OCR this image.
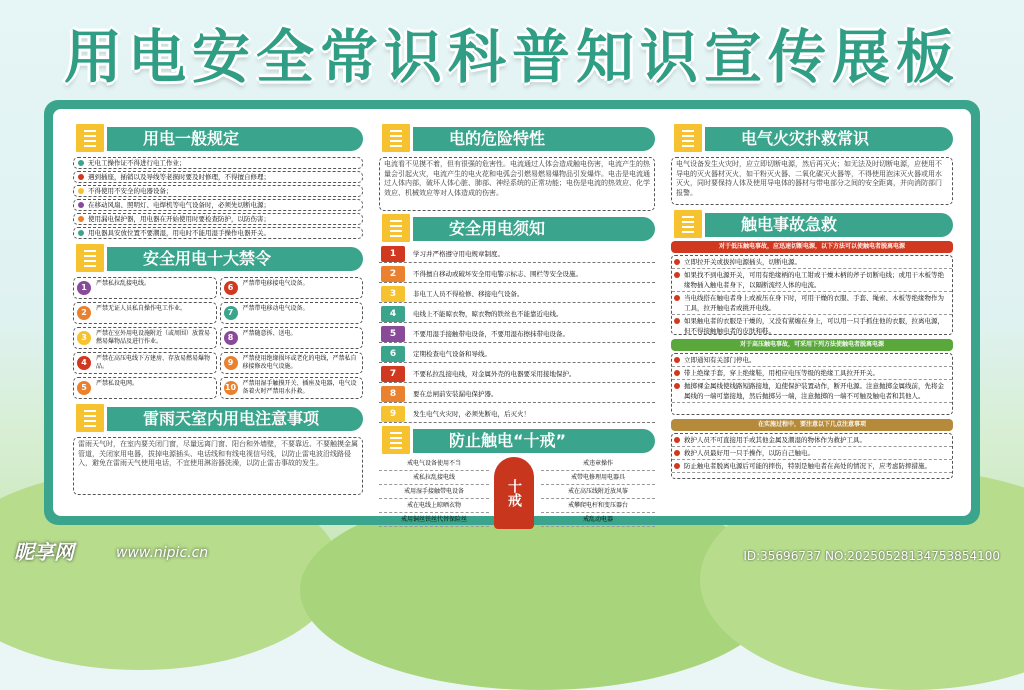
用电安全常识科普知识宣传展板
用电一般规定
无电工操作证不得进行电工作业；
遇到插座，插销以及导线等老损时要及时修理，不得擅自修理；
不得使用不安全的电器设备；
在移动风扇、照明灯、电焊机等电气设备时，必须先切断电源；
使用漏电保护器，用电器在开始使用时要检查防护，以防伤害；
用电器具安放位置不要潮湿，用电时不能用湿手操作电器开关。
安全用电十大禁令
1	严禁私拉乱接电线。	6	严禁带电移接电气设备。
2	严禁无证人员私自操作电工作业。	7	严禁带电移动电气设备。
3	严禁在室外用电设施附近（或周围）放置易燃易爆物品及进行作业。	8	严禁随意拆、送电。
4	严禁在高压电线下方建房、存放易燃易爆物品。	9	严禁使用绝缘损坏或老化的电线，严禁私自移接修改电气设施。
5	严禁私设电网。	10 严禁用湿手触摸开关、插座及电器，电气设备着火时严禁用水扑救。
雷雨天室内用电注意事项
雷雨天气时，在室内要关闭门窗，尽量远离门窗、阳台和外墙壁，不要靠近、不要触摸金属管道，关闭家用电器，拔掉电源插头、电话线和有线电视信号线，以防止雷电波沿线路侵入，避免在雷雨天气使用电话，不宜使用淋浴器洗澡，以防止雷击事故的发生。
电的危险特性
电流看不见摸不着，但有很强的危害性。电流通过人体会造成触电伤害，电流产生的热量会引起火灾，电流产生的电火花和电弧会引燃易燃易爆物品引发爆炸。电击是电流通过人体内部，破坏人体心脏、肺部、神经系统的正常功能；电伤是电流的热效应、化学效应、机械效应等对人体造成的伤害。
安全用电须知
1	学习并严格遵守用电规章制度。
2	不得擅自移动或破坏安全用电警示标志、围栏等安全设施。
3	非电工人员不得检修、移接电气设备。
4	电线上不能晾衣物，晾衣物的铁丝也不能靠近电线。
5	不要用湿手接触带电设备，不要用湿布擦抹带电设备。
6	定期检查电气设备和导线。
7	不要私拉乱接电线，对金属外壳的电器要采用接地保护。
8	要在总闸前安装漏电保护器。
9	发生电气火灾时，必须先断电，后灭火！
防止触电“十戒”
戒电气设备使用不当
戒私拉乱接电线
戒用湿手接触带电设备
戒在电线上晾晒衣物
戒用铜丝铁丝代替保险丝
十戒
戒违章操作
戒带电修理用电器具
戒在高压线附近放风筝
戒攀爬电杆和变压器台
戒乱动电器
电气火灾扑救常识
电气设备发生火灾时，应立即切断电源，然后再灭火；如无法及时切断电源，应使用不导电的灭火器材灭火，如干粉灭火器、二氧化碳灭火器等，不得使用泡沫灭火器或用水灭火，同时要保持人体及使用导电体的器材与带电部分之间的安全距离，并向消防部门报警。
触电事故急救
对于低压触电事故，应迅速切断电源，以下方法可以使触电者脱离电源
立即拉开关或拔掉电源插头，切断电源。
如果找不到电源开关，可用有绝缘柄的电工钳或干燥木柄的斧子切断电线；或用干木板等绝缘物插入触电者身下，以隔断流经人体的电流。
当电线搭在触电者身上或被压在身下时，可用干燥的衣服、手套、绳索、木板等绝缘物作为工具，拉开触电者或挑开电线。
如果触电者的衣服是干燥的，又没有紧缠在身上，可以用一只手抓住他的衣服，拉离电源，但不得接触触电者的皮肤和鞋。
对于高压触电事故，可采用下列方法使触电者脱离电源
立即通知有关部门停电。
带上绝缘手套，穿上绝缘鞋，用相应电压等级的绝缘工具拉开开关。
抛掷裸金属线使线路短路接地，迫使保护装置动作，断开电源。注意抛掷金属线前，先将金属线的一端可靠接地，然后抛掷另一端，注意抛掷的一端不可触及触电者和其他人。
在实施过程中，要注意以下几点注意事项
救护人员不可直接用手或其他金属及潮湿的物体作为救护工具。
救护人员最好用一只手操作，以防自己触电。
防止触电者脱离电源后可能的摔伤，特别是触电者在高处的情况下，应考虑防摔措施。
昵享网	www.nipic.cn	ID:35696737 NO:20250528134753854100
